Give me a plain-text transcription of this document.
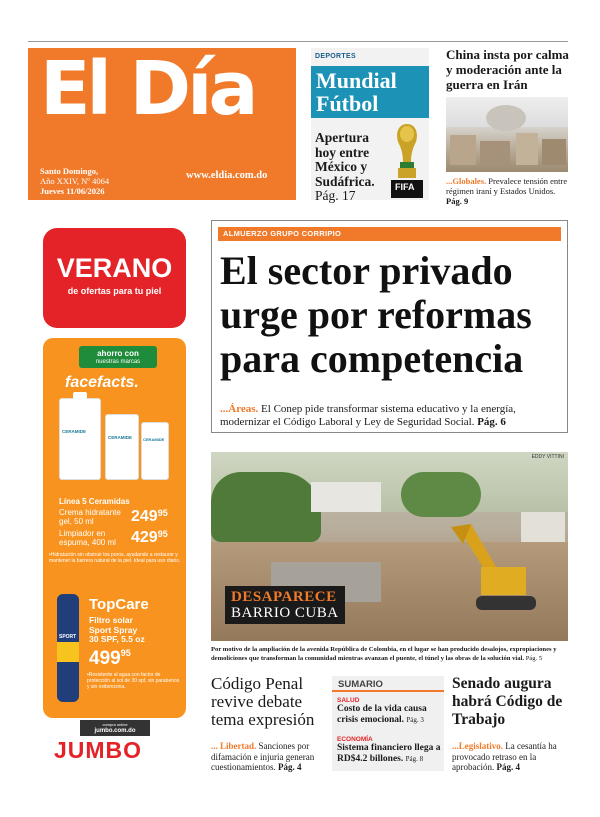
El Día
Santo Domingo,
Año XXIV, Nº 4064
Jueves 11/06/2026
www.eldia.com.do
DEPORTES
Mundial
Fútbol
Apertura hoy entre México y Sudáfrica. Pág. 17
FIFA
China insta por calma y moderación ante la guerra en Irán
...Globales. Prevalece tensión entre régimen iraní y Estados Unidos. Pág. 9
VERANO
de ofertas para tu piel
ahorro con
nuestras marcas
facefacts.
CERAMIDE
CERAMIDE	CERAMIDE
Línea 5 Ceramidas
Crema hidratante gel, 50 ml	$249^{95}$
Limpiador en espuma, 400 ml $429^{95}$
•Hidratación sin obstruir los poros, ayudando a restaurar y mantener la barrera natural de la piel. Ideal para uso diario.
SPORT
TopCare
Filtro solar
Sport Spray
30 SPF, 5.5 oz
$499^{95}$
•Resistente al agua con factor de protección al sol de 30 spf, sin parabenos y sin oxibenzona.
compra online
jumbo.com.do
JUMBO
ALMUERZO GRUPO CORRIPIO
El sector privado urge por reformas para competencia
...Áreas. El Conep pide transformar sistema educativo y la energía, modernizar el Código Laboral y Ley de Seguridad Social. Pág. 6
DESAPARECE
BARRIO CUBA
EDDY VITTINI
Por motivo de la ampliación de la avenida República de Colombia, en el lugar se han producido desalojos, expropiaciones y demoliciones que transforman la comunidad mientras avanzan el puente, el túnel y las obras de la solución vial. Pág. 5
Código Penal revive debate tema expresión
... Libertad. Sanciones por difamación e injuria generan cuestionamientos. Pág. 4
SUMARIO
SALUD
Costo de la vida causa crisis emocional. Pág. 3
ECONOMÍA
Sistema financiero llega a RD$4.2 billones. Pág. 8
Senado augura habrá Código de Trabajo
...Legislativo. La cesantía ha provocado retraso en la aprobación. Pág. 4
